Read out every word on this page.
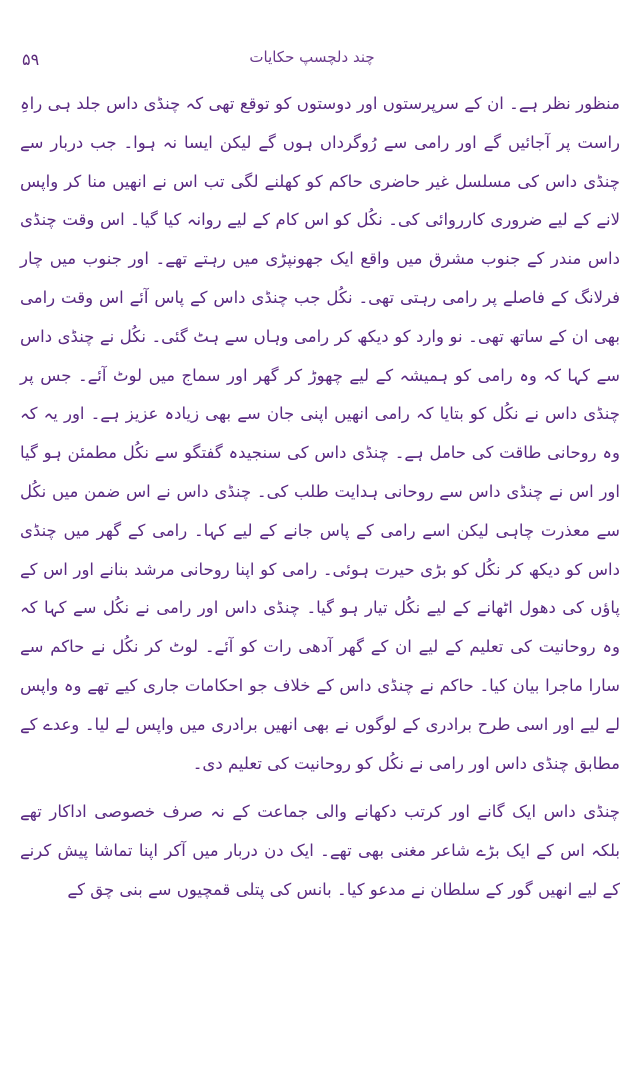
۵۹	چند دلچسپ حکایات

منظور نظر ہے۔ ان کے سرپرستوں اور دوستوں کو توقع تھی کہ چنڈی داس جلد ہی راہِ راست پر آجائیں گے اور رامی سے رُوگرداں ہوں گے لیکن ایسا نہ ہوا۔ جب دربار سے چنڈی داس کی مسلسل غیر حاضری حاکم کو کھلنے لگی تب اس نے انھیں منا کر واپس لانے کے لیے ضروری کارروائی کی۔ نکُل کو اس کام کے لیے روانہ کیا گیا۔ اس وقت چنڈی داس مندر کے جنوب مشرق میں واقع ایک جھونپڑی میں رہتے تھے۔ اور جنوب میں چار فرلانگ کے فاصلے پر رامی رہتی تھی۔ نکُل جب چنڈی داس کے پاس آئے اس وقت رامی بھی ان کے ساتھ تھی۔ نو وارد کو دیکھ کر رامی وہاں سے ہٹ گئی۔ نکُل نے چنڈی داس سے کہا کہ وہ رامی کو ہمیشہ کے لیے چھوڑ کر گھر اور سماج میں لوٹ آئے۔ جس پر چنڈی داس نے نکُل کو بتایا کہ رامی انھیں اپنی جان سے بھی زیادہ عزیز ہے۔ اور یہ کہ وہ روحانی طاقت کی حامل ہے۔ چنڈی داس کی سنجیدہ گفتگو سے نکُل مطمئن ہو گیا اور اس نے چنڈی داس سے روحانی ہدایت طلب کی۔ چنڈی داس نے اس ضمن میں نکُل سے معذرت چاہی لیکن اسے رامی کے پاس جانے کے لیے کہا۔ رامی کے گھر میں چنڈی داس کو دیکھ کر نکُل کو بڑی حیرت ہوئی۔ رامی کو اپنا روحانی مرشد بنانے اور اس کے پاؤں کی دھول اٹھانے کے لیے نکُل تیار ہو گیا۔ چنڈی داس اور رامی نے نکُل سے کہا کہ وہ روحانیت کی تعلیم کے لیے ان کے گھر آدھی رات کو آئے۔ لوٹ کر نکُل نے حاکم سے سارا ماجرا بیان کیا۔ حاکم نے چنڈی داس کے خلاف جو احکامات جاری کیے تھے وہ واپس لے لیے اور اسی طرح برادری کے لوگوں نے بھی انھیں برادری میں واپس لے لیا۔ وعدے کے مطابق چنڈی داس اور رامی نے نکُل کو روحانیت کی تعلیم دی۔

چنڈی داس ایک گانے اور کرتب دکھانے والی جماعت کے نہ صرف خصوصی اداکار تھے بلکہ اس کے ایک بڑے شاعر مغنی بھی تھے۔ ایک دن دربار میں آکر اپنا تماشا پیش کرنے کے لیے انھیں گور کے سلطان نے مدعو کیا۔ بانس کی پتلی قمچیوں سے بنی چق کے
